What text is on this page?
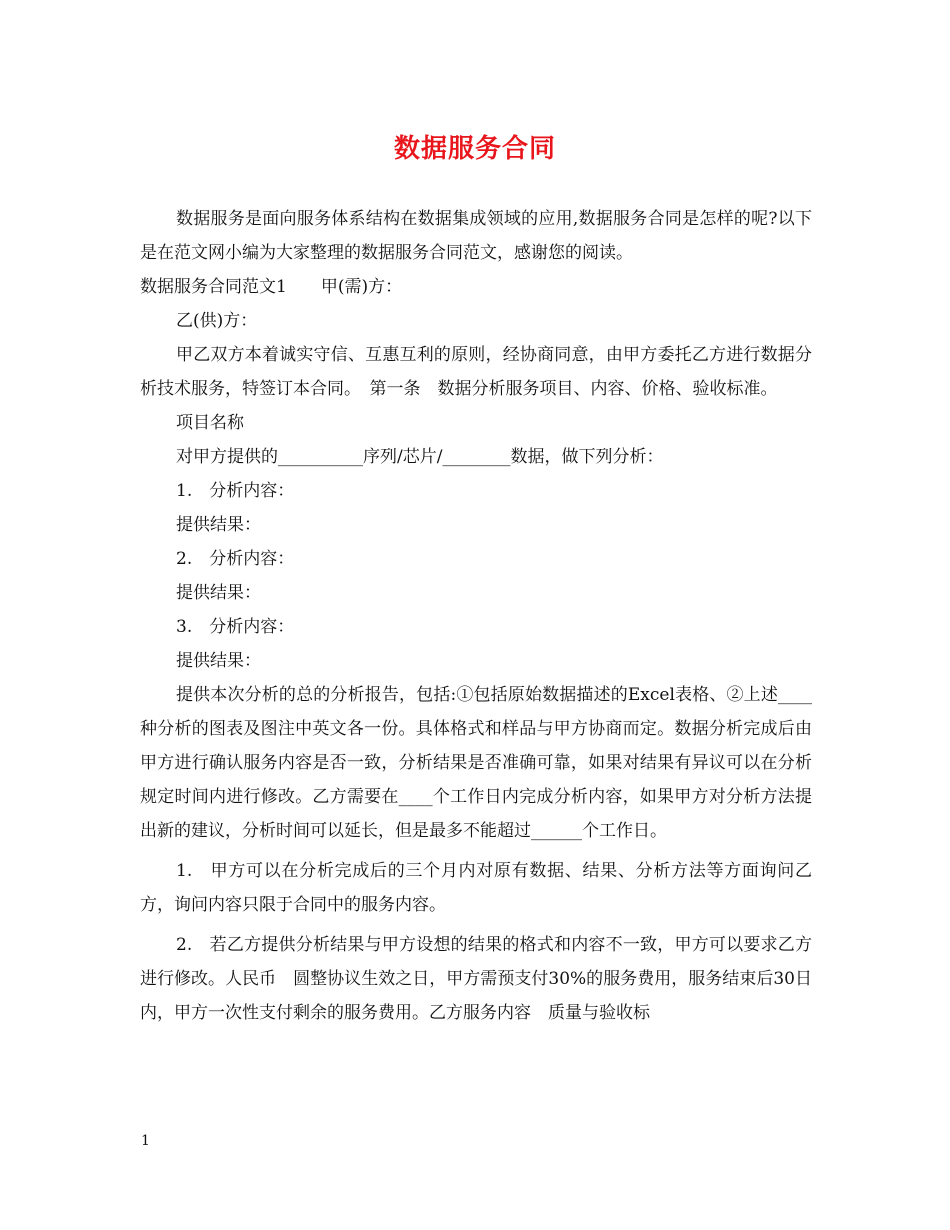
数据服务合同

数据服务是面向服务体系结构在数据集成领域的应用,数据服务合同是怎样的呢?以下是在范文网小编为大家整理的数据服务合同范文，感谢您的阅读。

数据服务合同范文1　　甲(需)方：

乙(供)方：

甲乙双方本着诚实守信、互惠互利的原则，经协商同意，由甲方委托乙方进行数据分析技术服务，特签订本合同。　第一条　数据分析服务项目、内容、价格、验收标准。

项目名称

对甲方提供的__________序列/芯片/________数据，做下列分析：

1.　分析内容：

提供结果：

2.　分析内容：

提供结果：

3.　分析内容：

提供结果：

提供本次分析的总的分析报告，包括:①包括原始数据描述的Excel表格、②上述____种分析的图表及图注中英文各一份。具体格式和样品与甲方协商而定。数据分析完成后由甲方进行确认服务内容是否一致，分析结果是否准确可靠，如果对结果有异议可以在分析规定时间内进行修改。乙方需要在____个工作日内完成分析内容，如果甲方对分析方法提出新的建议，分析时间可以延长，但是最多不能超过______个工作日。

1.　甲方可以在分析完成后的三个月内对原有数据、结果、分析方法等方面询问乙方，询问内容只限于合同中的服务内容。

2.　若乙方提供分析结果与甲方设想的结果的格式和内容不一致，甲方可以要求乙方进行修改。人民币　圆整协议生效之日，甲方需预支付30%的服务费用，服务结束后30日内，甲方一次性支付剩余的服务费用。乙方服务内容　质量与验收标

1
